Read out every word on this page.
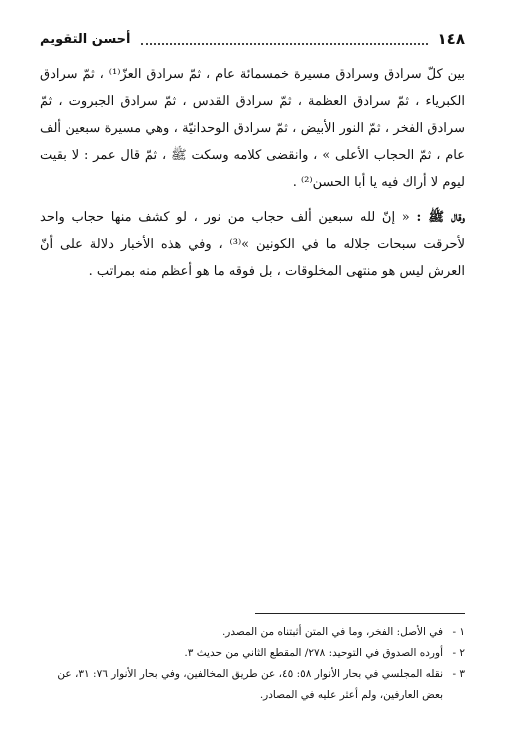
١٤٨
أحسن التقويم

بين كلّ سرادق وسرادق مسيرة خمسمائة عام ، ثمّ سرادق العزّ⁽¹⁾ ، ثمّ سرادق الكبرياء ، ثمّ سرادق العظمة ، ثمّ سرادق القدس ، ثمّ سرادق الجبروت ، ثمّ سرادق الفخر ، ثمّ النور الأبيض ، ثمّ سرادق الوحدانيّة ، وهي مسيرة سبعين ألف عام ، ثمّ الحجاب الأعلى » ، وانقضى كلامه وسكت ﷺ ، ثمّ قال عمر : لا بقيت ليوم لا أراك فيه يا أبا الحسن⁽²⁾ .

وقال ﷺ : « إنّ لله سبعين ألف حجاب من نور ، لو كشف منها حجاب واحد لأحرقت سبحات جلاله ما في الكونين »⁽³⁾ ، وفي هذه الأخبار دلالة على أنّ العرش ليس هو منتهى المخلوقات ، بل فوقه ما هو أعظم منه بمراتب .

١ -
في الأصل: الفخر، وما في المتن أثبتناه من المصدر.
٢ -
أورده الصدوق في التوحيد: ٢٧٨/ المقطع الثاني من حديث ٣.
٣ -
نقله المجلسي في بحار الأنوار ٥٨: ٤٥، عن طريق المخالفين، وفي بحار الأنوار ٧٦: ٣١، عن بعض العارفين، ولم أعثر عليه في المصادر.
